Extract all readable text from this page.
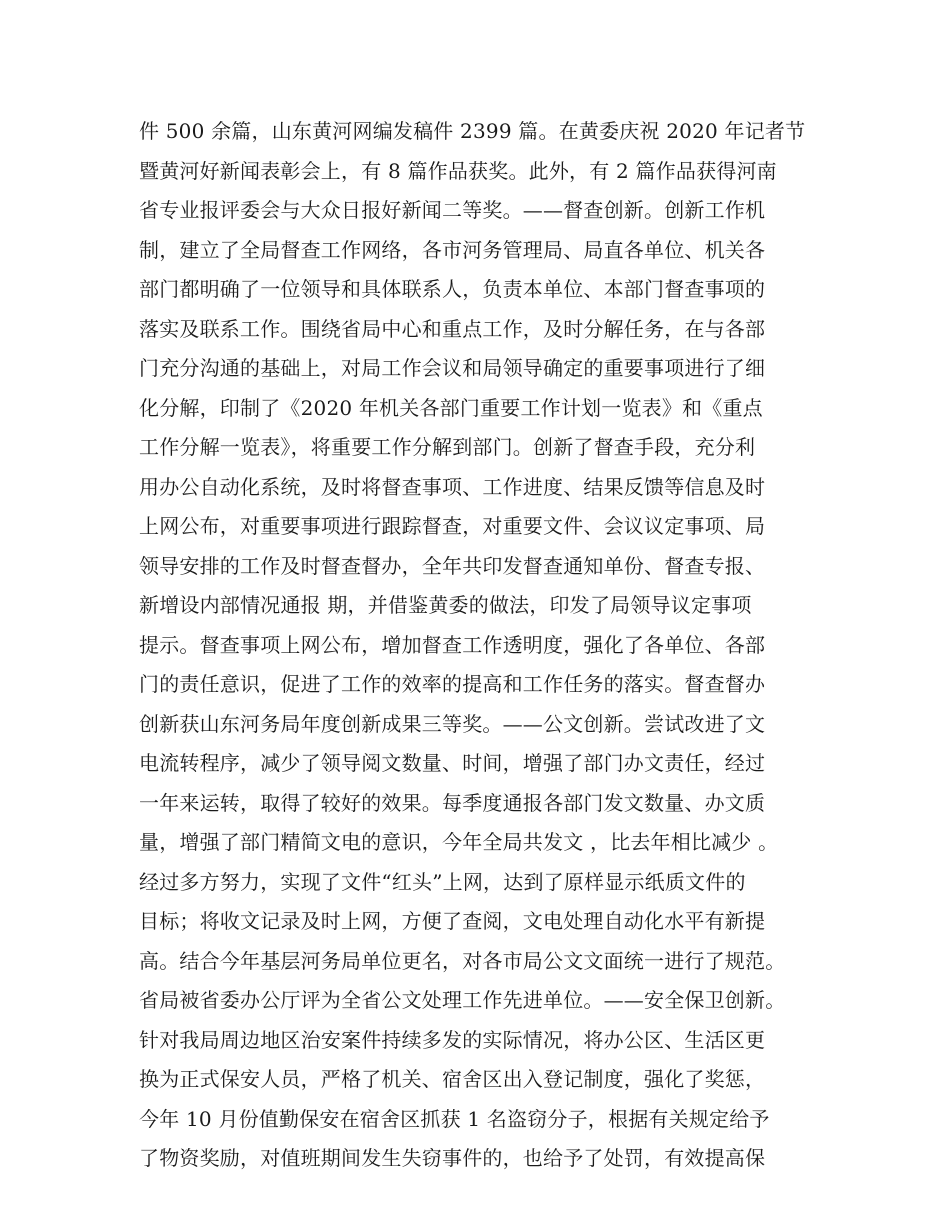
件 500 余篇，山东黄河网编发稿件 2399 篇。在黄委庆祝 2020 年记者节
暨黄河好新闻表彰会上，有 8 篇作品获奖。此外，有 2 篇作品获得河南
省专业报评委会与大众日报好新闻二等奖。——督查创新。创新工作机
制，建立了全局督查工作网络，各市河务管理局、局直各单位、机关各
部门都明确了一位领导和具体联系人，负责本单位、本部门督查事项的
落实及联系工作。围绕省局中心和重点工作，及时分解任务，在与各部
门充分沟通的基础上，对局工作会议和局领导确定的重要事项进行了细
化分解，印制了《2020 年机关各部门重要工作计划一览表》和《重点
工作分解一览表》，将重要工作分解到部门。创新了督查手段，充分利
用办公自动化系统，及时将督查事项、工作进度、结果反馈等信息及时
上网公布，对重要事项进行跟踪督查，对重要文件、会议议定事项、局
领导安排的工作及时督查督办，全年共印发督查通知单份、督查专报、
新增设内部情况通报 期，并借鉴黄委的做法，印发了局领导议定事项
提示。督查事项上网公布，增加督查工作透明度，强化了各单位、各部
门的责任意识，促进了工作的效率的提高和工作任务的落实。督查督办
创新获山东河务局年度创新成果三等奖。——公文创新。尝试改进了文
电流转程序，减少了领导阅文数量、时间，增强了部门办文责任，经过
一年来运转，取得了较好的效果。每季度通报各部门发文数量、办文质
量，增强了部门精简文电的意识，今年全局共发文 ，比去年相比减少 。
经过多方努力，实现了文件“红头”上网，达到了原样显示纸质文件的
目标；将收文记录及时上网，方便了查阅，文电处理自动化水平有新提
高。结合今年基层河务局单位更名，对各市局公文文面统一进行了规范。
省局被省委办公厅评为全省公文处理工作先进单位。——安全保卫创新。
针对我局周边地区治安案件持续多发的实际情况，将办公区、生活区更
换为正式保安人员，严格了机关、宿舍区出入登记制度，强化了奖惩，
今年 10 月份值勤保安在宿舍区抓获 1 名盗窃分子，根据有关规定给予
了物资奖励，对值班期间发生失窃事件的，也给予了处罚，有效提高保
